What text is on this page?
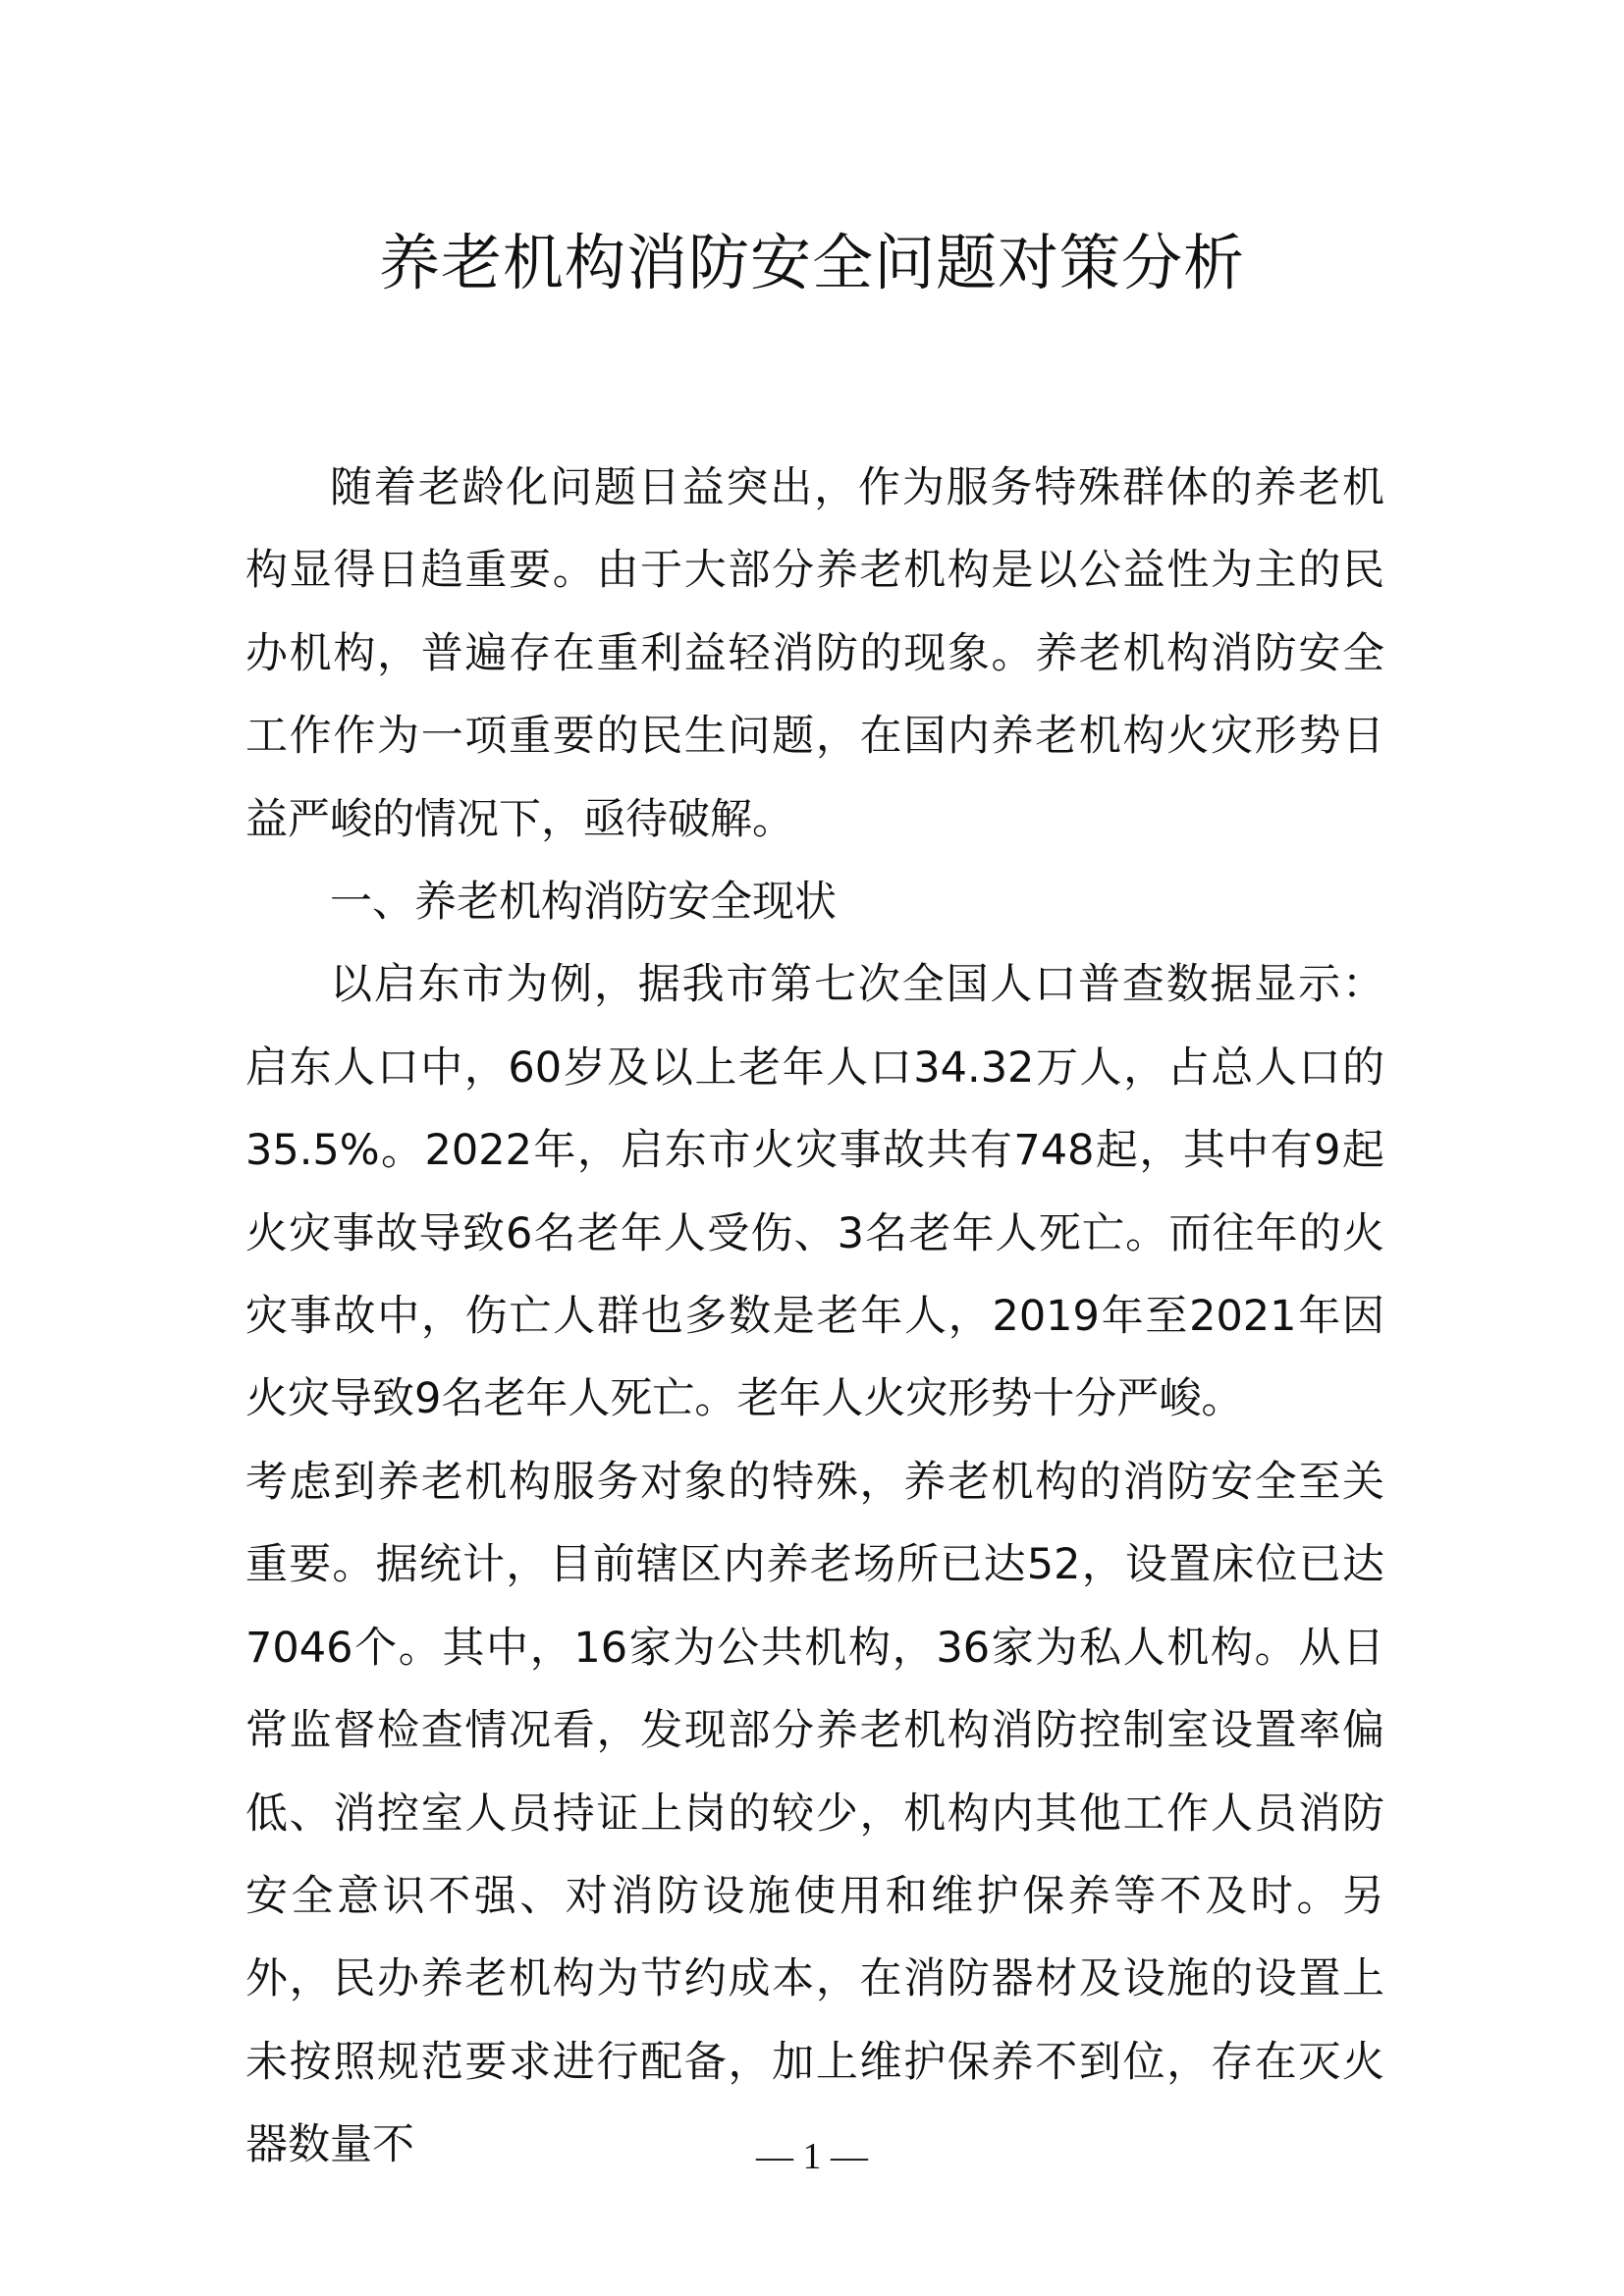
养老机构消防安全问题对策分析

随着老龄化问题日益突出，作为服务特殊群体的养老机构显得日趋重要。由于大部分养老机构是以公益性为主的民办机构，普遍存在重利益轻消防的现象。养老机构消防安全工作作为一项重要的民生问题，在国内养老机构火灾形势日益严峻的情况下，亟待破解。

一、养老机构消防安全现状

以启东市为例，据我市第七次全国人口普查数据显示：启东人口中，60岁及以上老年人口34.32万人，占总人口的35.5%。2022年，启东市火灾事故共有748起，其中有9起火灾事故导致6名老年人受伤、3名老年人死亡。而往年的火灾事故中，伤亡人群也多数是老年人，2019年至2021年因火灾导致9名老年人死亡。老年人火灾形势十分严峻。

考虑到养老机构服务对象的特殊，养老机构的消防安全至关重要。据统计，目前辖区内养老场所已达52，设置床位已达7046个。其中，16家为公共机构，36家为私人机构。从日常监督检查情况看，发现部分养老机构消防控制室设置率偏低、消控室人员持证上岗的较少，机构内其他工作人员消防安全意识不强、对消防设施使用和维护保养等不及时。另外，民办养老机构为节约成本，在消防器材及设施的设置上未按照规范要求进行配备，加上维护保养不到位，存在灭火器数量不	— 1 —
